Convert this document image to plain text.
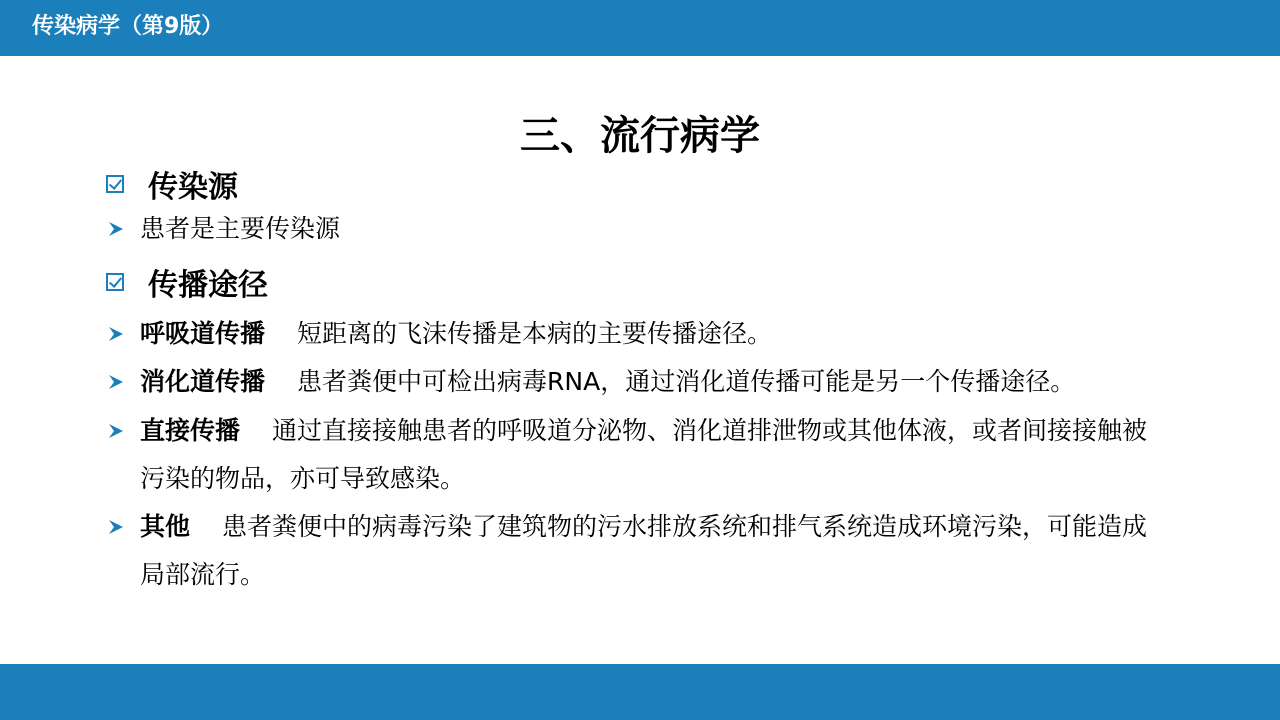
传染病学（第9版）
三、流行病学
传染源
患者是主要传染源
传播途径
呼吸道传播 短距离的飞沫传播是本病的主要传播途径。
消化道传播 患者粪便中可检出病毒RNA，通过消化道传播可能是另一个传播途径。
直接传播 通过直接接触患者的呼吸道分泌物、消化道排泄物或其他体液，或者间接接触被
污染的物品，亦可导致感染。
其他 患者粪便中的病毒污染了建筑物的污水排放系统和排气系统造成环境污染，可能造成
局部流行。
